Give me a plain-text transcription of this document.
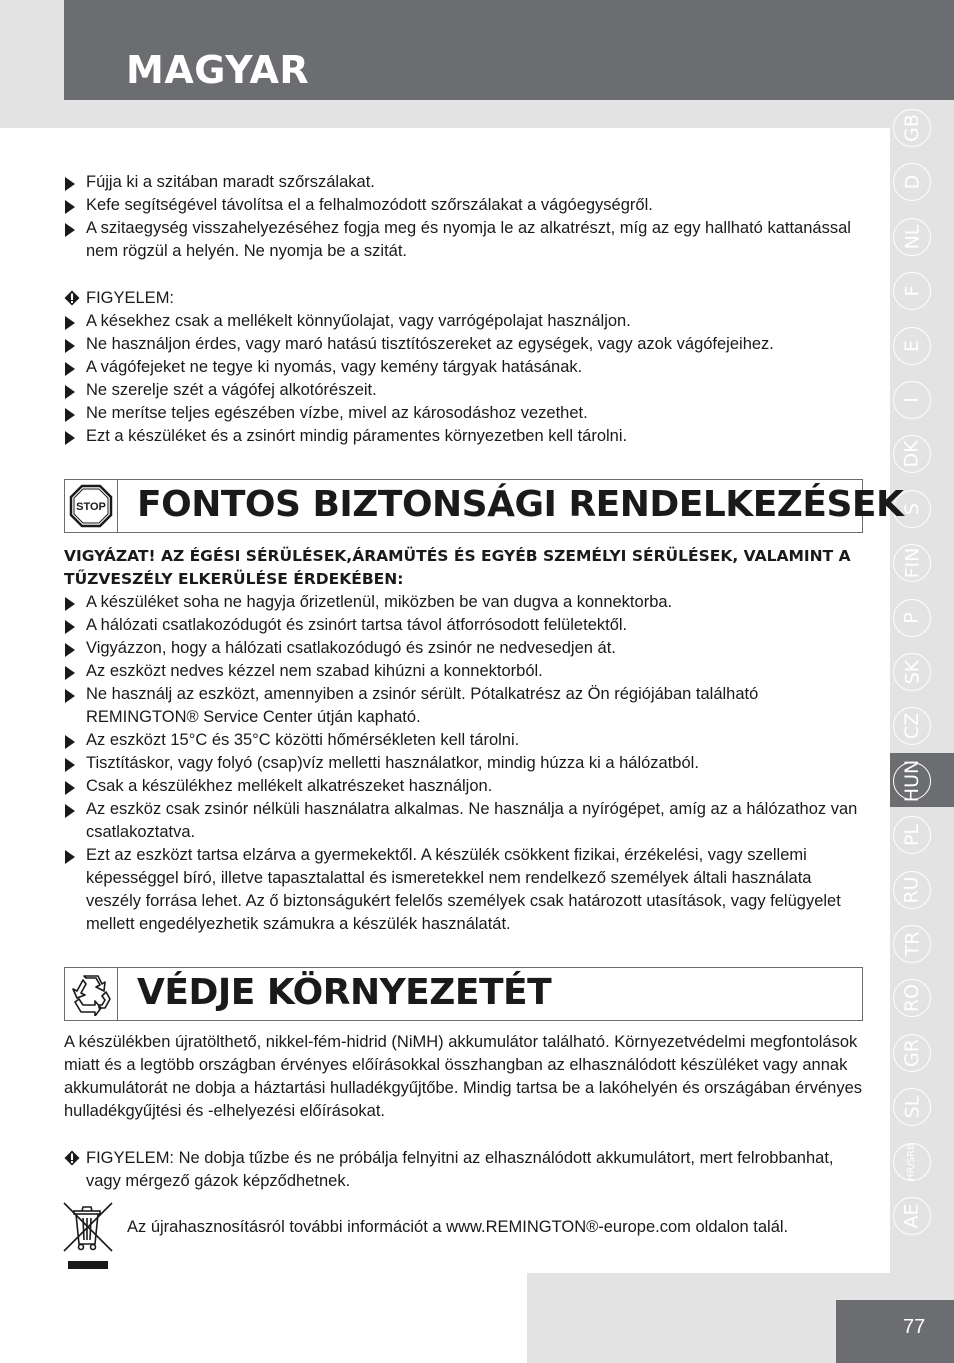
MAGYAR
GB
D
NL
F
E
I
DK
S
FIN
P
SK
CZ
HUN
PL
RU
TR
RO
GR
SL
HR/SRB
AE
77
Fújja ki a szitában maradt szőrszálakat.
Kefe segítségével távolítsa el a felhalmozódott szőrszálakat a vágóegységről.
A szitaegység visszahelyezéséhez fogja meg és nyomja le az alkatrészt, míg az egy hallható kattanással nem rögzül a helyén. Ne nyomja be a szitát.
FIGYELEM:
A késekhez csak a mellékelt könnyűolajat, vagy varrógépolajat használjon.
Ne használjon érdes, vagy maró hatású tisztítószereket az egységek, vagy azok vágófejeihez.
A vágófejeket ne tegye ki nyomás, vagy kemény tárgyak hatásának.
Ne szerelje szét a vágófej alkotórészeit.
Ne merítse teljes egészében vízbe, mivel az károsodáshoz vezethet.
Ezt a készüléket és a zsinórt mindig páramentes környezetben kell tárolni.
STOP FONTOS BIZTONSÁGI RENDELKEZÉSEK
VIGYÁZAT! AZ ÉGÉSI SÉRÜLÉSEK,ÁRAMÜTÉS ÉS EGYÉB SZEMÉLYI SÉRÜLÉSEK, VALAMINT A TŰZVESZÉLY ELKERÜLÉSE ÉRDEKÉBEN:
A készüléket soha ne hagyja őrizetlenül, miközben be van dugva a konnektorba.
A hálózati csatlakozódugót és zsinórt tartsa távol átforrósodott felületektől.
Vigyázzon, hogy a hálózati csatlakozódugó és zsinór ne nedvesedjen át.
Az eszközt nedves kézzel nem szabad kihúzni a konnektorból.
Ne használj az eszközt, amennyiben a zsinór sérült. Pótalkatrész az Ön régiójában található REMINGTON® Service Center útján kapható.
Az eszközt 15°C és 35°C közötti hőmérsékleten kell tárolni.
Tisztításkor, vagy folyó (csap)víz melletti használatkor, mindig húzza ki a hálózatból.
Csak a készülékhez mellékelt alkatrészeket használjon.
Az eszköz csak zsinór nélküli használatra alkalmas. Ne használja a nyírógépet, amíg az a hálózathoz van csatlakoztatva.
Ezt az eszközt tartsa elzárva a gyermekektől. A készülék csökkent fizikai, érzékelési, vagy szellemi képességgel bíró, illetve tapasztalattal és ismeretekkel nem rendelkező személyek általi használata veszély forrása lehet. Az ő biztonságukért felelős személyek csak határozott utasítások, vagy felügyelet mellett engedélyezhetik számukra a készülék használatát.
VÉDJE KÖRNYEZETÉT
A készülékben újratölthető, nikkel-fém-hidrid (NiMH) akkumulátor található. Környezetvédelmi megfontolások miatt és a legtöbb országban érvényes előírásokkal összhangban az elhasználódott készüléket vagy annak akkumulátorát ne dobja a háztartási hulladékgyűjtőbe. Mindig tartsa be a lakóhelyén és országában érvényes hulladékgyűjtési és -elhelyezési előírásokat.
FIGYELEM: Ne dobja tűzbe és ne próbálja felnyitni az elhasználódott akkumulátort, mert felrobbanhat, vagy mérgező gázok képződhetnek.
Az újrahasznosításról további információt a www.REMINGTON®-europe.com oldalon talál.
